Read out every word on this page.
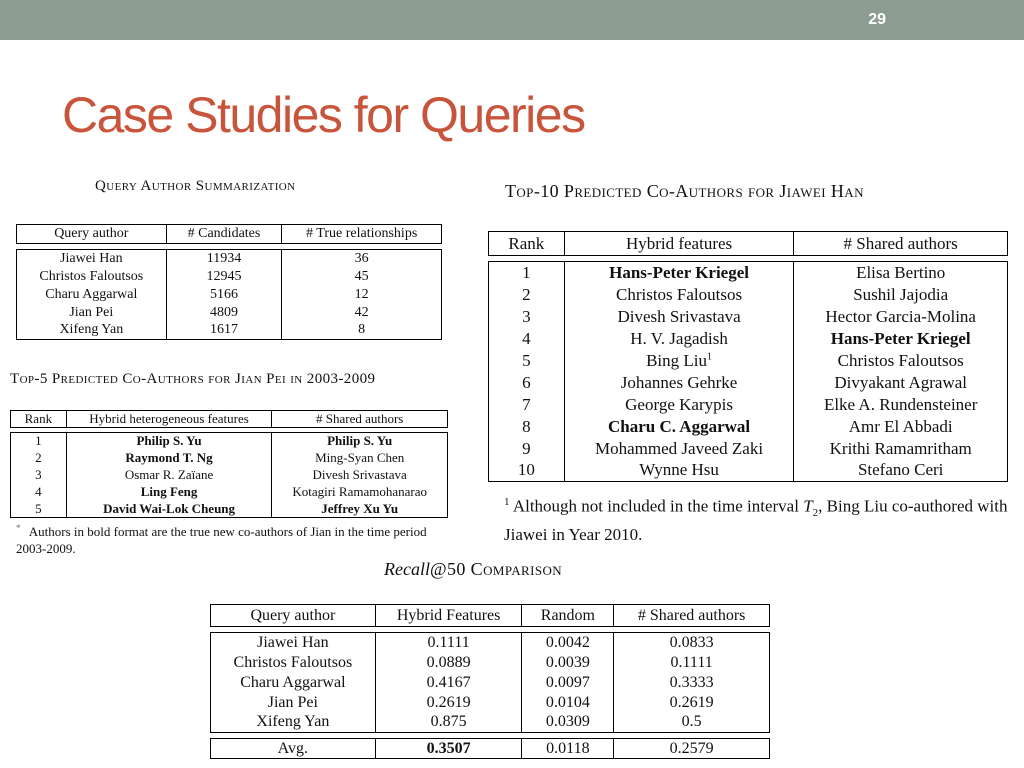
29
Case Studies for Queries
Query Author Summarization
Query author	# Candidates	# True relationships

Jiawei Han	11934	36
Christos Faloutsos	12945	45
Charu Aggarwal	5166	12
Jian Pei	4809	42
Xifeng Yan	1617	8
Top-5 Predicted Co-Authors for Jian Pei in 2003-2009
Rank	Hybrid heterogeneous features	# Shared authors

1	Philip S. Yu	Philip S. Yu
2	Raymond T. Ng	Ming-Syan Chen
3	Osmar R. Zaïane	Divesh Srivastava
4	Ling Feng	Kotagiri Ramamohanarao
5	David Wai-Lok Cheung	Jeffrey Xu Yu
* Authors in bold format are the true new co-authors of Jian in the time period 2003-2009.
Top-10 Predicted Co-Authors for Jiawei Han
Rank	Hybrid features	# Shared authors

1	Hans-Peter Kriegel	Elisa Bertino
2	Christos Faloutsos	Sushil Jajodia
3	Divesh Srivastava	Hector Garcia-Molina
4	H. V. Jagadish	Hans-Peter Kriegel
5	Bing Liu$^1$	Christos Faloutsos
6	Johannes Gehrke	Divyakant Agrawal
7	George Karypis	Elke A. Rundensteiner
8	Charu C. Aggarwal	Amr El Abbadi
9	Mohammed Javeed Zaki	Krithi Ramamritham
10	Wynne Hsu	Stefano Ceri
$^1$ Although not included in the time interval $T_2$, Bing Liu co-authored with Jiawei in Year 2010.
Recall@50 Comparison
Query author	Hybrid Features	Random	# Shared authors

Jiawei Han	0.1111	0.0042	0.0833
Christos Faloutsos	0.0889	0.0039	0.1111
Charu Aggarwal	0.4167	0.0097	0.3333
Jian Pei	0.2619	0.0104	0.2619
Xifeng Yan	0.875	0.0309	0.5

Avg.	0.3507	0.0118	0.2579
